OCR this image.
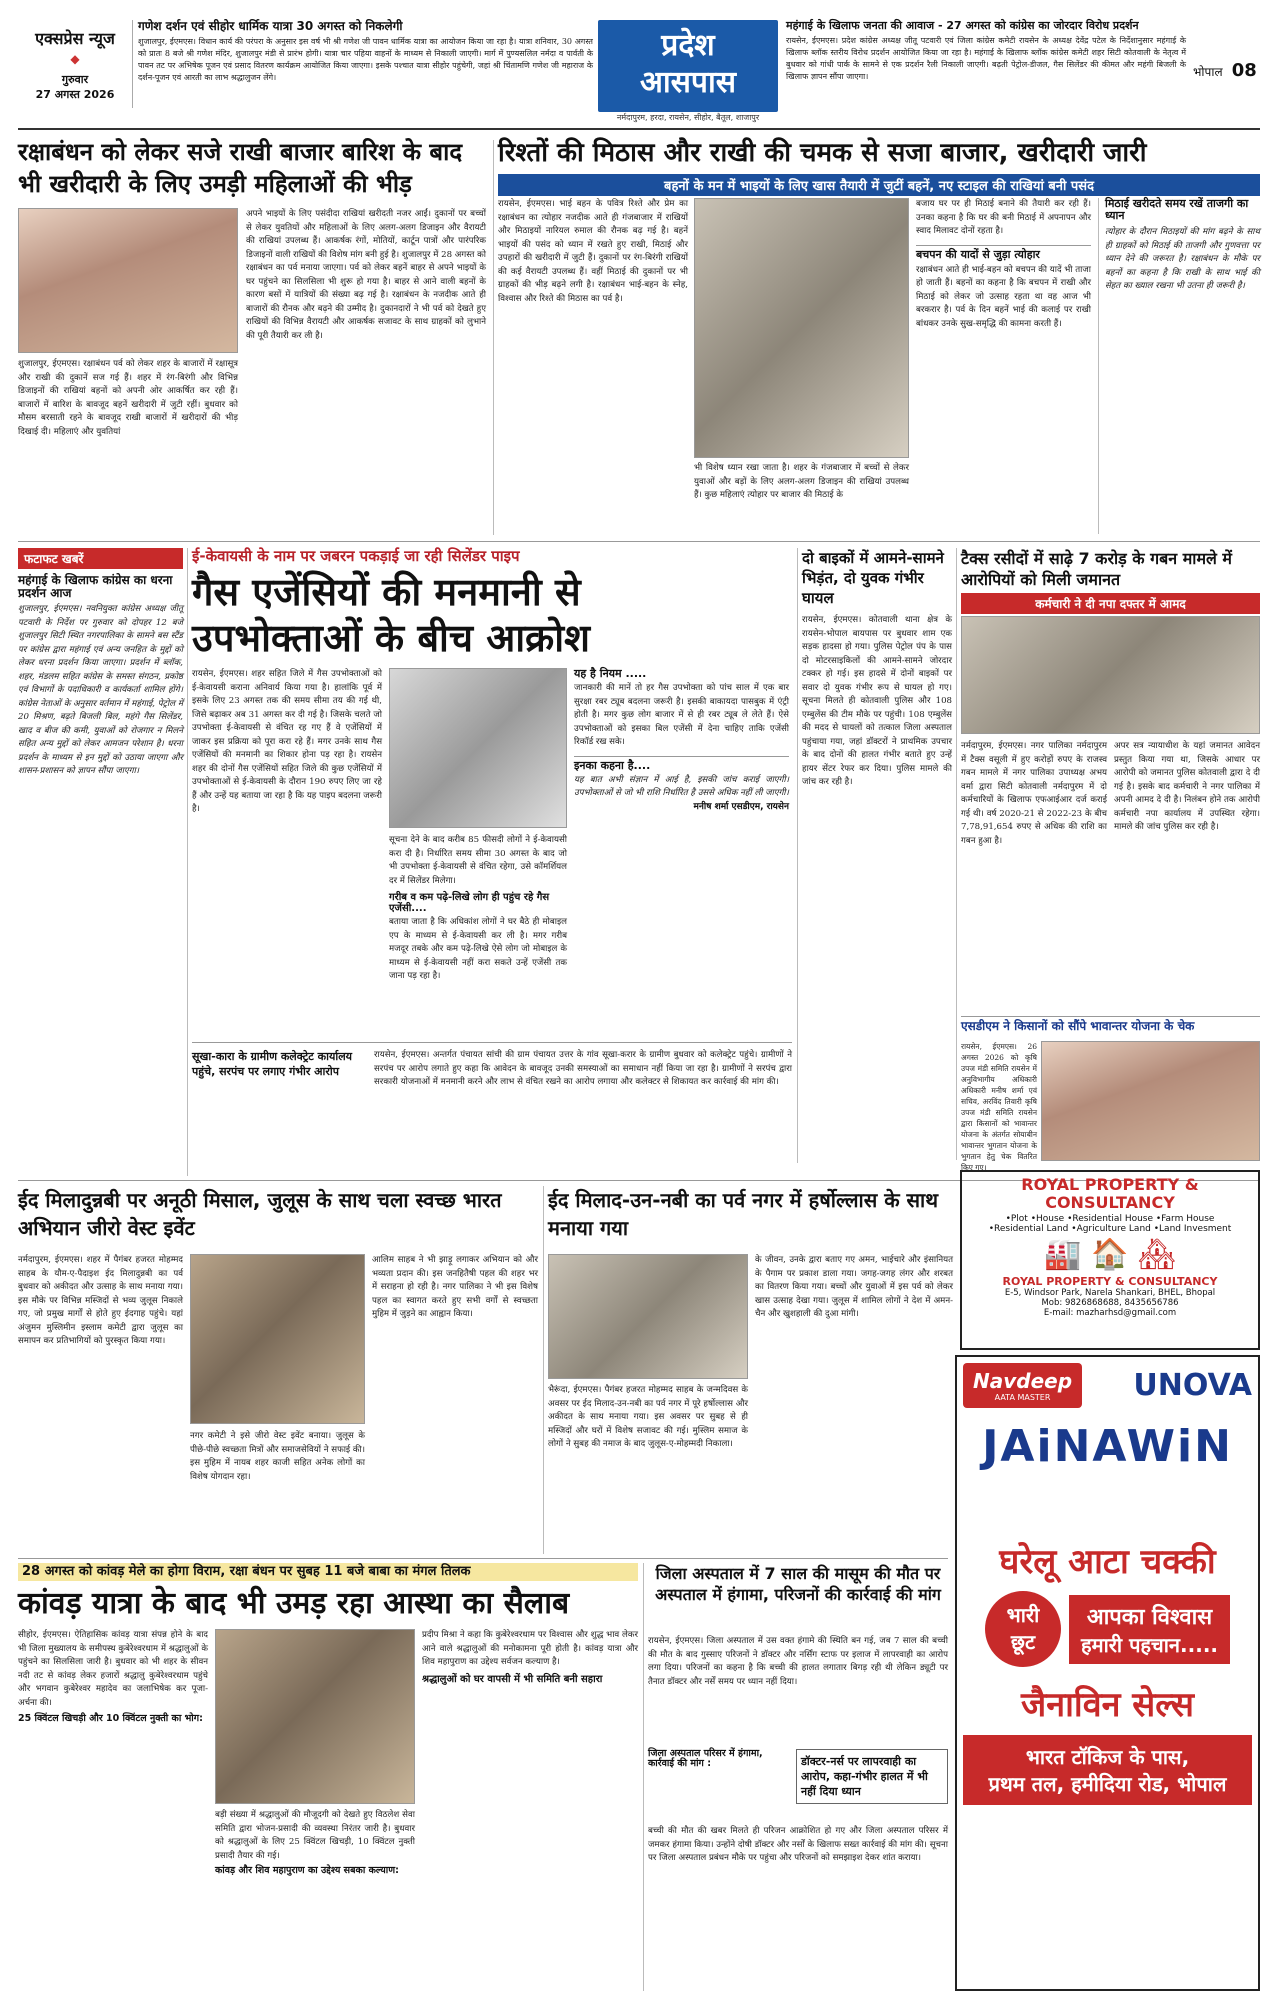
एक्सप्रेस न्यूज
◆
गुरुवार
27 अगस्त 2026
गणेश दर्शन एवं सीहोर धार्मिक यात्रा 30 अगस्त को निकलेगी
शुजालपुर, ईएमएस। विधान कार्य की परंपरा के अनुसार इस वर्ष भी श्री गणेश जी पावन धार्मिक यात्रा का आयोजन किया जा रहा है। यात्रा शनिवार, 30 अगस्त को प्रातः 8 बजे श्री गणेश मंदिर, शुजालपुर मंडी से प्रारंभ होगी। यात्रा चार पहिया वाहनों के माध्यम से निकाली जाएगी। मार्ग में पुण्यसलिल नर्मदा व पार्वती के पावन तट पर अभिषेक पूजन एवं प्रसाद वितरण कार्यक्रम आयोजित किया जाएगा। इसके पश्चात यात्रा सीहोर पहुंचेगी, जहां श्री चिंतामणि गणेश जी महाराज के दर्शन-पूजन एवं आरती का लाभ श्रद्धालुजन लेंगे।
प्रदेश
आसपास
नर्मदापुरम, हरदा, रायसेन, सीहोर, बैतूल, शाजापुर
महंगाई के खिलाफ जनता की आवाज - 27 अगस्त को कांग्रेस का जोरदार विरोध प्रदर्शन
रायसेन, ईएमएस। प्रदेश कांग्रेस अध्यक्ष जीतू पटवारी एवं जिला कांग्रेस कमेटी रायसेन के अध्यक्ष देवेंद्र पटेल के निर्देशानुसार महंगाई के खिलाफ ब्लॉक स्तरीय विरोध प्रदर्शन आयोजित किया जा रहा है। महंगाई के खिलाफ ब्लॉक कांग्रेस कमेटी शहर सिटी कोतवाली के नेतृत्व में बुधवार को गांधी पार्क के सामने से एक प्रदर्शन रैली निकाली जाएगी। बढ़ती पेट्रोल-डीजल, गैस सिलेंडर की कीमत और महंगी बिजली के खिलाफ ज्ञापन सौंपा जाएगा।	भोपाल 08
रक्षाबंधन को लेकर सजे राखी बाजार बारिश के बाद भी खरीदारी के लिए उमड़ी महिलाओं की भीड़
शुजालपुर, ईएमएस। रक्षाबंधन पर्व को लेकर शहर के बाजारों में रक्षासूत्र और राखी की दुकानें सज गई हैं। शहर में रंग-बिरंगी और विभिन्न डिजाइनों की राखियां बहनों को अपनी ओर आकर्षित कर रही हैं। बाजारों में बारिश के बावजूद बहनें खरीदारी में जुटी रहीं। बुधवार को मौसम बरसाती रहने के बावजूद राखी बाजारों में खरीदारों की भीड़ दिखाई दी। महिलाएं और युवतियां
अपने भाइयों के लिए पसंदीदा राखियां खरीदती नजर आईं। दुकानों पर बच्चों से लेकर युवतियों और महिलाओं के लिए अलग-अलग डिजाइन और वैरायटी की राखियां उपलब्ध हैं। आकर्षक रंगों, मोतियों, कार्टून पात्रों और पारंपरिक डिजाइनों वाली राखियों की विशेष मांग बनी हुई है। शुजालपुर में 28 अगस्त को रक्षाबंधन का पर्व मनाया जाएगा। पर्व को लेकर बहनें बाहर से अपने भाइयों के घर पहुंचने का सिलसिला भी शुरू हो गया है। बाहर से आने वाली बहनों के कारण बसों में यात्रियों की संख्या बढ़ गई है। रक्षाबंधन के नजदीक आते ही बाजारों की रौनक और बढ़ने की उम्मीद है। दुकानदारों ने भी पर्व को देखते हुए राखियों की विभिन्न वैरायटी और आकर्षक सजावट के साथ ग्राहकों को लुभाने की पूरी तैयारी कर ली है।
रिश्तों की मिठास और राखी की चमक से सजा बाजार, खरीदारी जारी
बहनों के मन में भाइयों के लिए खास तैयारी में जुटीं बहनें, नए स्टाइल की राखियां बनी पसंद
रायसेन, ईएमएस। भाई बहन के पवित्र रिश्ते और प्रेम का रक्षाबंधन का त्योहार नजदीक आते ही गंजबाजार में राखियों और मिठाइयों नारियल रुमाल की रौनक बढ़ गई है। बहनें भाइयों की पसंद को ध्यान में रखते हुए राखी, मिठाई और उपहारों की खरीदारी में जुटी हैं। दुकानों पर रंग-बिरंगी राखियों की कई वैरायटी उपलब्ध हैं। वहीं मिठाई की दुकानों पर भी ग्राहकों की भीड़ बढ़ने लगी है। रक्षाबंधन भाई-बहन के स्नेह, विश्वास और रिश्ते की मिठास का पर्व है।
भी विशेष ध्यान रखा जाता है। शहर के गंजबाजार में बच्चों से लेकर युवाओं और बड़ों के लिए अलग-अलग डिजाइन की राखियां उपलब्ध हैं। कुछ महिलाएं त्योहार पर बाजार की मिठाई के
बजाय घर पर ही मिठाई बनाने की तैयारी कर रही हैं। उनका कहना है कि घर की बनी मिठाई में अपनापन और स्वाद मिलावट दोनों रहता है।
बचपन की यादों से जुड़ा त्योहार
रक्षाबंधन आते ही भाई-बहन को बचपन की यादें भी ताजा हो जाती हैं। बहनों का कहना है कि बचपन में राखी और मिठाई को लेकर जो उत्साह रहता था वह आज भी बरकरार है। पर्व के दिन बहनें भाई की कलाई पर राखी बांधकर उनके सुख-समृद्धि की कामना करती हैं।
मिठाई खरीदते समय रखें ताजगी का ध्यान
त्योहार के दौरान मिठाइयों की मांग बढ़ने के साथ ही ग्राहकों को मिठाई की ताजगी और गुणवत्ता पर ध्यान देने की जरूरत है। रक्षाबंधन के मौके पर बहनों का कहना है कि राखी के साथ भाई की सेहत का ख्याल रखना भी उतना ही जरूरी है।
फटाफट खबरें
महंगाई के खिलाफ कांग्रेस का धरना प्रदर्शन आज
शुजालपुर, ईएमएस। नवनियुक्त कांग्रेस अध्यक्ष जीतू पटवारी के निर्देश पर गुरुवार को दोपहर 12 बजे शुजालपुर सिटी स्थित नगरपालिका के सामने बस स्टैंड पर कांग्रेस द्वारा महंगाई एवं अन्य जनहित के मुद्दों को लेकर धरना प्रदर्शन किया जाएगा। प्रदर्शन में ब्लॉक, शहर, मंडलम सहित कांग्रेस के समस्त संगठन, प्रकोष्ठ एवं विभागों के पदाधिकारी व कार्यकर्ता शामिल होंगे। कांग्रेस नेताओं के अनुसार वर्तमान में महंगाई, पेट्रोल में 20 मिश्रण, बढ़ते बिजली बिल, महंगे गैस सिलेंडर, खाद व बीज की कमी, युवाओं को रोजगार न मिलने सहित अन्य मुद्दों को लेकर आमजन परेशान है। धरना प्रदर्शन के माध्यम से इन मुद्दों को उठाया जाएगा और शासन-प्रशासन को ज्ञापन सौंपा जाएगा।
ई-केवायसी के नाम पर जबरन पकड़ाई जा रही सिलेंडर पाइप
गैस एजेंसियों की मनमानी से उपभोक्ताओं के बीच आक्रोश
रायसेन, ईएमएस। शहर सहित जिले में गैस उपभोक्ताओं को ई-केवायसी कराना अनिवार्य किया गया है। हालांकि पूर्व में इसके लिए 23 अगस्त तक की समय सीमा तय की गई थी, जिसे बढ़ाकर अब 31 अगस्त कर दी गई है। जिसके चलते जो उपभोक्ता ई-केवायसी से वंचित रह गए हैं वे एजेंसियों में जाकर इस प्रक्रिया को पूरा करा रहे हैं। मगर उनके साथ गैस एजेंसियों की मनमानी का शिकार होना पड़ रहा है। रायसेन शहर की दोनों गैस एजेंसियों सहित जिले की कुछ एजेंसियों में उपभोक्ताओं से ई-केवायसी के दौरान 190 रुपए लिए जा रहे हैं और उन्हें यह बताया जा रहा है कि यह पाइप बदलना जरूरी है।
सूचना देने के बाद करीब 85 फीसदी लोगों ने ई-केवायसी करा दी है। निर्धारित समय सीमा 30 अगस्त के बाद जो भी उपभोक्ता ई-केवायसी से वंचित रहेगा, उसे कॉमर्शियल दर में सिलेंडर मिलेगा।
गरीब व कम पढ़े-लिखे लोग ही पहुंच रहे गैस एजेंसी....
बताया जाता है कि अधिकांश लोगों ने घर बैठे ही मोबाइल एप के माध्यम से ई-केवायसी कर ली है। मगर गरीब मजदूर तबके और कम पढ़े-लिखे ऐसे लोग जो मोबाइल के माध्यम से ई-केवायसी नहीं करा सकते उन्हें एजेंसी तक जाना पड़ रहा है।
यह है नियम .....
जानकारी की मानें तो हर गैस उपभोक्ता को पांच साल में एक बार सुरक्षा रबर ट्यूब बदलना जरूरी है। इसकी बाकायदा पासबुक में एंट्री होती है। मगर कुछ लोग बाजार में से ही रबर ट्यूब ले लेते हैं। ऐसे उपभोक्ताओं को इसका बिल एजेंसी में देना चाहिए ताकि एजेंसी रिकॉर्ड रख सके।
इनका कहना है....
यह बात अभी संज्ञान में आई है, इसकी जांच कराई जाएगी। उपभोक्ताओं से जो भी राशि निर्धारित है उससे अधिक नहीं ली जाएगी।
मनीष शर्मा एसडीएम, रायसेन
दो बाइकों में आमने-सामने भिड़ंत, दो युवक गंभीर घायल
रायसेन, ईएमएस। कोतवाली थाना क्षेत्र के रायसेन-भोपाल बायपास पर बुधवार शाम एक सड़क हादसा हो गया। पुलिस पेट्रोल पंप के पास दो मोटरसाइकिलों की आमने-सामने जोरदार टक्कर हो गई। इस हादसे में दोनों बाइकों पर सवार दो युवक गंभीर रूप से घायल हो गए। सूचना मिलते ही कोतवाली पुलिस और 108 एम्बुलेंस की टीम मौके पर पहुंची। 108 एम्बुलेंस की मदद से घायलों को तत्काल जिला अस्पताल पहुंचाया गया, जहां डॉक्टरों ने प्राथमिक उपचार के बाद दोनों की हालत गंभीर बताते हुए उन्हें हायर सेंटर रेफर कर दिया। पुलिस मामले की जांच कर रही है।
टैक्स रसीदों में साढ़े 7 करोड़ के गबन मामले में आरोपियों को मिली जमानत
कर्मचारी ने दी नपा दफ्तर में आमद
नर्मदापुरम, ईएमएस। नगर पालिका नर्मदापुरम में टैक्स वसूली में हुए करोड़ों रुपए के राजस्व गबन मामले में नगर पालिका उपाध्यक्ष अभय वर्मा द्वारा सिटी कोतवाली नर्मदापुरम में दो कर्मचारियों के खिलाफ एफआईआर दर्ज कराई गई थी। वर्ष 2020-21 से 2022-23 के बीच 7,78,91,654 रुपए से अधिक की राशि का गबन हुआ है।
अपर सत्र न्यायाधीश के यहां जमानत आवेदन प्रस्तुत किया गया था, जिसके आधार पर आरोपी को जमानत पुलिस कोतवाली द्वारा दे दी गई है। इसके बाद कर्मचारी ने नगर पालिका में अपनी आमद दे दी है। निलंबन होने तक आरोपी कर्मचारी नपा कार्यालय में उपस्थित रहेगा। मामले की जांच पुलिस कर रही है।
एसडीएम ने किसानों को सौंपे भावान्तर योजना के चेक
रायसेन, ईएमएस। 26 अगस्त 2026 को कृषि उपज मंडी समिति रायसेन में अनुविभागीय अधिकारी अधिकारी मनीष शर्मा एवं सचिव, अरविंद तिवारी कृषि उपज मंडी समिति रायसेन द्वारा किसानों को भावान्तर योजना के अंतर्गत सोयाबीन भावान्तर भुगतान योजना के भुगतान हेतु चेक वितरित किए गए।
सूखा-कारा के ग्रामीण कलेक्ट्रेट कार्यालय पहुंचे, सरपंच पर लगाए गंभीर आरोप
रायसेन, ईएमएस। अन्तर्गत पंचायत सांची की ग्राम पंचायत उत्तर के गांव सूखा-करार के ग्रामीण बुधवार को कलेक्ट्रेट पहुंचे। ग्रामीणों ने सरपंच पर आरोप लगाते हुए कहा कि आवेदन के बावजूद उनकी समस्याओं का समाधान नहीं किया जा रहा है। ग्रामीणों ने सरपंच द्वारा सरकारी योजनाओं में मनमानी करने और लाभ से वंचित रखने का आरोप लगाया और कलेक्टर से शिकायत कर कार्रवाई की मांग की।
ईद मिलादुन्नबी पर अनूठी मिसाल, जुलूस के साथ चला स्वच्छ भारत अभियान जीरो वेस्ट इवेंट
नर्मदापुरम, ईएमएस। शहर में पैगंबर हजरत मोहम्मद साहब के यौम-ए-पैदाइश ईद मिलादुन्नबी का पर्व बुधवार को अकीदत और उत्साह के साथ मनाया गया। इस मौके पर विभिन्न मस्जिदों से भव्य जुलूस निकाले गए, जो प्रमुख मार्गों से होते हुए ईदगाह पहुंचे। यहां अंजुमन मुस्लिमीन इस्लाम कमेटी द्वारा जुलूस का समापन कर प्रतिभागियों को पुरस्कृत किया गया।
नगर कमेटी ने इसे जीरो वेस्ट इवेंट बनाया। जुलूस के पीछे-पीछे स्वच्छता मित्रों और समाजसेवियों ने सफाई की। इस मुहिम में नायब शहर काजी सहित अनेक लोगों का विशेष योगदान रहा।
आलिम साहब ने भी झाड़ू लगाकर अभियान को और भव्यता प्रदान की। इस जनहितैषी पहल की शहर भर में सराहना हो रही है। नगर पालिका ने भी इस विशेष पहल का स्वागत करते हुए सभी वर्गों से स्वच्छता मुहिम में जुड़ने का आह्वान किया।
ईद मिलाद-उन-नबी का पर्व नगर में हर्षोल्लास के साथ मनाया गया
भैरूंदा, ईएमएस। पैगंबर हजरत मोहम्मद साहब के जन्मदिवस के अवसर पर ईद मिलाद-उन-नबी का पर्व नगर में पूरे हर्षोल्लास और अकीदत के साथ मनाया गया। इस अवसर पर सुबह से ही मस्जिदों और घरों में विशेष सजावट की गई। मुस्लिम समाज के लोगों ने सुबह की नमाज के बाद जुलूस-ए-मोहम्मदी निकाला।
के जीवन, उनके द्वारा बताए गए अमन, भाईचारे और इंसानियत के पैगाम पर प्रकाश डाला गया। जगह-जगह लंगर और शरबत का वितरण किया गया। बच्चों और युवाओं में इस पर्व को लेकर खास उत्साह देखा गया। जुलूस में शामिल लोगों ने देश में अमन-चैन और खुशहाली की दुआ मांगी।
ROYAL PROPERTY & CONSULTANCY
•Plot •House •Residential House •Farm House
•Residential Land •Agriculture Land •Land Invesment
🏭 🏠 🏘
ROYAL PROPERTY & CONSULTANCY
E-5, Windsor Park, Narela Shankari, BHEL, Bhopal
Mob: 9826868688, 8435656786
E-mail: mazharhsd@gmail.com
28 अगस्त को कांवड़ मेले का होगा विराम, रक्षा बंधन पर सुबह 11 बजे बाबा का मंगल तिलक
कांवड़ यात्रा के बाद भी उमड़ रहा आस्था का सैलाब
सीहोर, ईएमएस। ऐतिहासिक कांवड़ यात्रा संपन्न होने के बाद भी जिला मुख्यालय के समीपस्थ कुबेरेश्वरधाम में श्रद्धालुओं के पहुंचने का सिलसिला जारी है। बुधवार को भी शहर के सीवन नदी तट से कांवड़ लेकर हजारों श्रद्धालु कुबेरेश्वरधाम पहुंचे और भगवान कुबेरेश्वर महादेव का जलाभिषेक कर पूजा-अर्चना की।
25 क्विंटल खिचड़ी और 10 क्विंटल नुक्ती का भोग:
बड़ी संख्या में श्रद्धालुओं की मौजूदगी को देखते हुए विठलेश सेवा समिति द्वारा भोजन-प्रसादी की व्यवस्था निरंतर जारी है। बुधवार को श्रद्धालुओं के लिए 25 क्विंटल खिचड़ी, 10 क्विंटल नुक्ती प्रसादी तैयार की गई।
कांवड़ और शिव महापुराण का उद्देश्य सबका कल्याण:
प्रदीप मिश्रा ने कहा कि कुबेरेश्वरधाम पर विश्वास और शुद्ध भाव लेकर आने वाले श्रद्धालुओं की मनोकामना पूरी होती है। कांवड़ यात्रा और शिव महापुराण का उद्देश्य सर्वजन कल्याण है।
श्रद्धालुओं को घर वापसी में भी समिति बनी सहारा
जिला अस्पताल में 7 साल की मासूम की मौत पर अस्पताल में हंगामा, परिजनों की कार्रवाई की मांग
रायसेन, ईएमएस। जिला अस्पताल में उस वक्त हंगामे की स्थिति बन गई, जब 7 साल की बच्ची की मौत के बाद गुस्साए परिजनों ने डॉक्टर और नर्सिंग स्टाफ पर इलाज में लापरवाही का आरोप लगा दिया। परिजनों का कहना है कि बच्ची की हालत लगातार बिगड़ रही थी लेकिन ड्यूटी पर तैनात डॉक्टर और नर्सें समय पर ध्यान नहीं दिया।
जिला अस्पताल परिसर में हंगामा, कार्रवाई की मांग :	डॉक्टर-नर्स पर लापरवाही का आरोप, कहा-गंभीर हालत में भी नहीं दिया ध्यान
बच्ची की मौत की खबर मिलते ही परिजन आक्रोशित हो गए और जिला अस्पताल परिसर में जमकर हंगामा किया। उन्होंने दोषी डॉक्टर और नर्सों के खिलाफ सख्त कार्रवाई की मांग की। सूचना पर जिला अस्पताल प्रबंधन मौके पर पहुंचा और परिजनों को समझाइश देकर शांत कराया।
Navdeep
AATA MASTER	UNOVA
JAiNAWiN
घरेलू आटा चक्की
भारी
छूट
आपका विश्वास
हमारी पहचान.....
जैनाविन सेल्स
भारत टॉकिज के पास,
प्रथम तल, हमीदिया रोड, भोपाल
